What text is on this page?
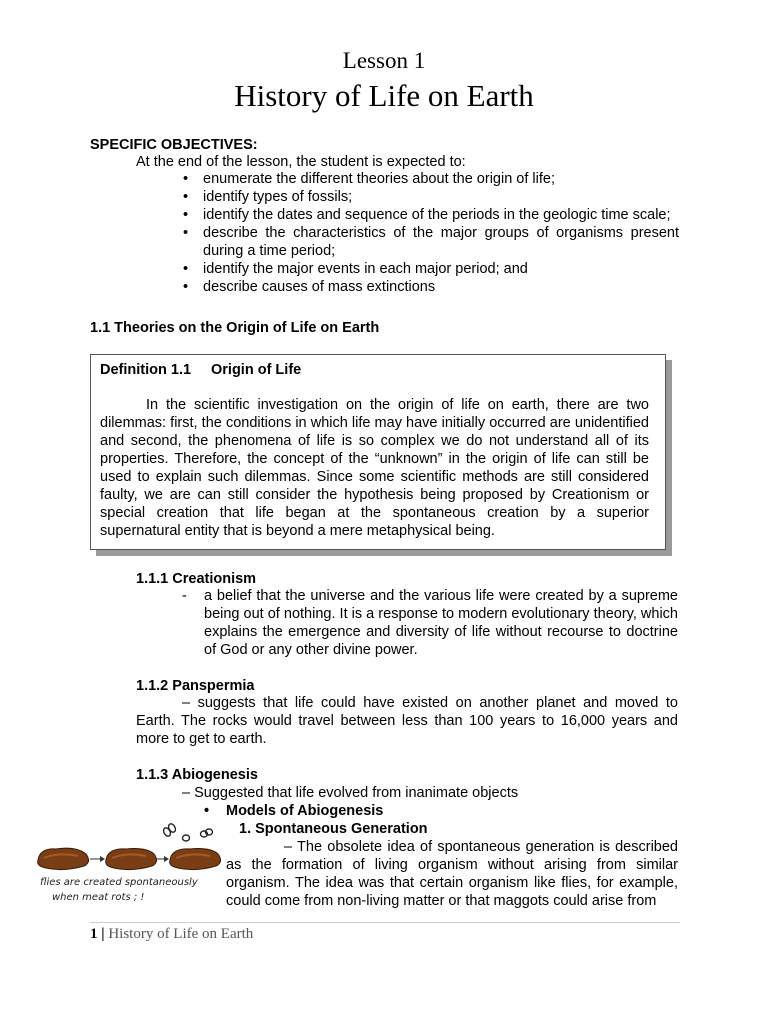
Lesson 1
History of Life on Earth
SPECIFIC OBJECTIVES:
At the end of the lesson, the student is expected to:
• enumerate the different theories about the origin of life;
• identify types of fossils;
• identify the dates and sequence of the periods in the geologic time scale;
• describe the characteristics of the major groups of organisms present during a time period;
• identify the major events in each major period; and
• describe causes of mass extinctions
1.1 Theories on the Origin of Life on Earth
Definition 1.1 Origin of Life
In the scientific investigation on the origin of life on earth, there are two dilemmas: first, the conditions in which life may have initially occurred are unidentified and second, the phenomena of life is so complex we do not understand all of its properties. Therefore, the concept of the “unknown” in the origin of life can still be used to explain such dilemmas. Since some scientific methods are still considered faulty, we are can still consider the hypothesis being proposed by Creationism or special creation that life began at the spontaneous creation by a superior supernatural entity that is beyond a mere metaphysical being.
1.1.1 Creationism
- a belief that the universe and the various life were created by a supreme being out of nothing. It is a response to modern evolutionary theory, which explains the emergence and diversity of life without recourse to doctrine of God or any other divine power.
1.1.2 Panspermia
– suggests that life could have existed on another planet and moved to Earth. The rocks would travel between less than 100 years to 16,000 years and more to get to earth.
1.1.3 Abiogenesis
– Suggested that life evolved from inanimate objects
• Models of Abiogenesis
1. Spontaneous Generation
– The obsolete idea of spontaneous generation is described as the formation of living organism without arising from similar organism. The idea was that certain organism like flies, for example, could come from non-living matter or that maggots could arise from
flies are created spontaneously
when meat rots ; !
1 | History of Life on Earth
